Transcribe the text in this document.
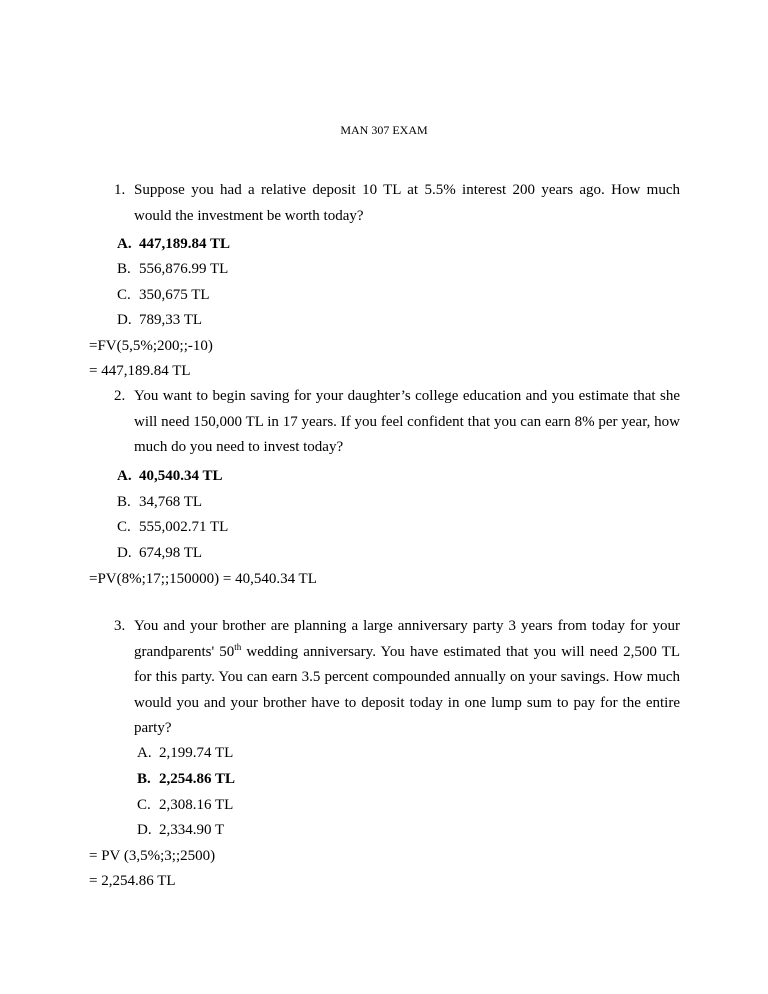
MAN 307 EXAM
1. Suppose you had a relative deposit 10 TL at 5.5% interest 200 years ago. How much would the investment be worth today?
A. 447,189.84 TL
B. 556,876.99 TL
C. 350,675 TL
D. 789,33 TL
=FV(5,5%;200;;-10)
= 447,189.84 TL
2. You want to begin saving for your daughter’s college education and you estimate that she will need 150,000 TL in 17 years. If you feel confident that you can earn 8% per year, how much do you need to invest today?
A. 40,540.34 TL
B. 34,768 TL
C. 555,002.71 TL
D. 674,98 TL
=PV(8%;17;;150000) = 40,540.34 TL
3. You and your brother are planning a large anniversary party 3 years from today for your grandparents' 50th wedding anniversary. You have estimated that you will need 2,500 TL for this party. You can earn 3.5 percent compounded annually on your savings. How much would you and your brother have to deposit today in one lump sum to pay for the entire party?
A. 2,199.74 TL
B. 2,254.86 TL
C. 2,308.16 TL
D. 2,334.90 T
= PV (3,5%;3;;2500)
= 2,254.86 TL
